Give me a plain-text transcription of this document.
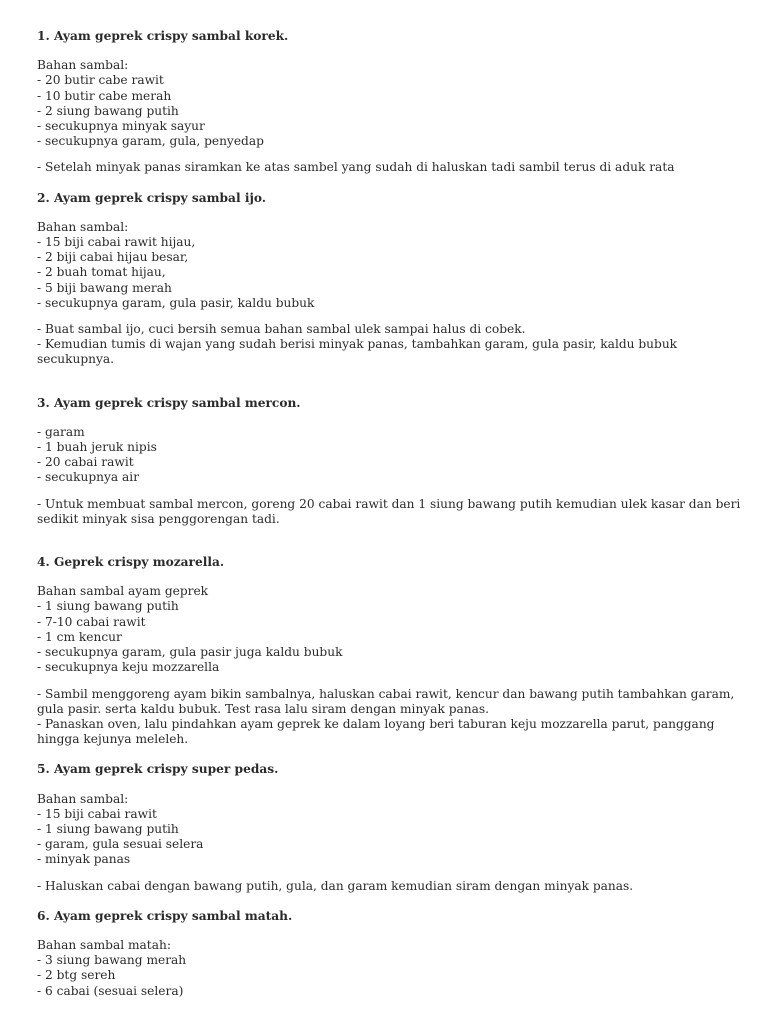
1. Ayam geprek crispy sambal korek.
Bahan sambal:
- 20 butir cabe rawit
- 10 butir cabe merah
- 2 siung bawang putih
- secukupnya minyak sayur
- secukupnya garam, gula, penyedap

- Setelah minyak panas siramkan ke atas sambel yang sudah di haluskan tadi sambil terus di aduk rata

2. Ayam geprek crispy sambal ijo.
Bahan sambal:
- 15 biji cabai rawit hijau,
- 2 biji cabai hijau besar,
- 2 buah tomat hijau,
- 5 biji bawang merah
- secukupnya garam, gula pasir, kaldu bubuk

- Buat sambal ijo, cuci bersih semua bahan sambal ulek sampai halus di cobek.

- Kemudian tumis di wajan yang sudah berisi minyak panas, tambahkan garam, gula pasir, kaldu bubuk secukupnya.

3. Ayam geprek crispy sambal mercon.
- garam
- 1 buah jeruk nipis
- 20 cabai rawit
- secukupnya air

- Untuk membuat sambal mercon, goreng 20 cabai rawit dan 1 siung bawang putih kemudian ulek kasar dan beri sedikit minyak sisa penggorengan tadi.

4. Geprek crispy mozarella.
Bahan sambal ayam geprek
- 1 siung bawang putih
- 7-10 cabai rawit
- 1 cm kencur
- secukupnya garam, gula pasir juga kaldu bubuk
- secukupnya keju mozzarella

- Sambil menggoreng ayam bikin sambalnya, haluskan cabai rawit, kencur dan bawang putih tambahkan garam, gula pasir. serta kaldu bubuk. Test rasa lalu siram dengan minyak panas.

- Panaskan oven, lalu pindahkan ayam geprek ke dalam loyang beri taburan keju mozzarella parut, panggang hingga kejunya meleleh.

5. Ayam geprek crispy super pedas.
Bahan sambal:
- 15 biji cabai rawit
- 1 siung bawang putih
- garam, gula sesuai selera
- minyak panas

- Haluskan cabai dengan bawang putih, gula, dan garam kemudian siram dengan minyak panas.

6. Ayam geprek crispy sambal matah.
Bahan sambal matah:
- 3 siung bawang merah
- 2 btg sereh
- 6 cabai (sesuai selera)
